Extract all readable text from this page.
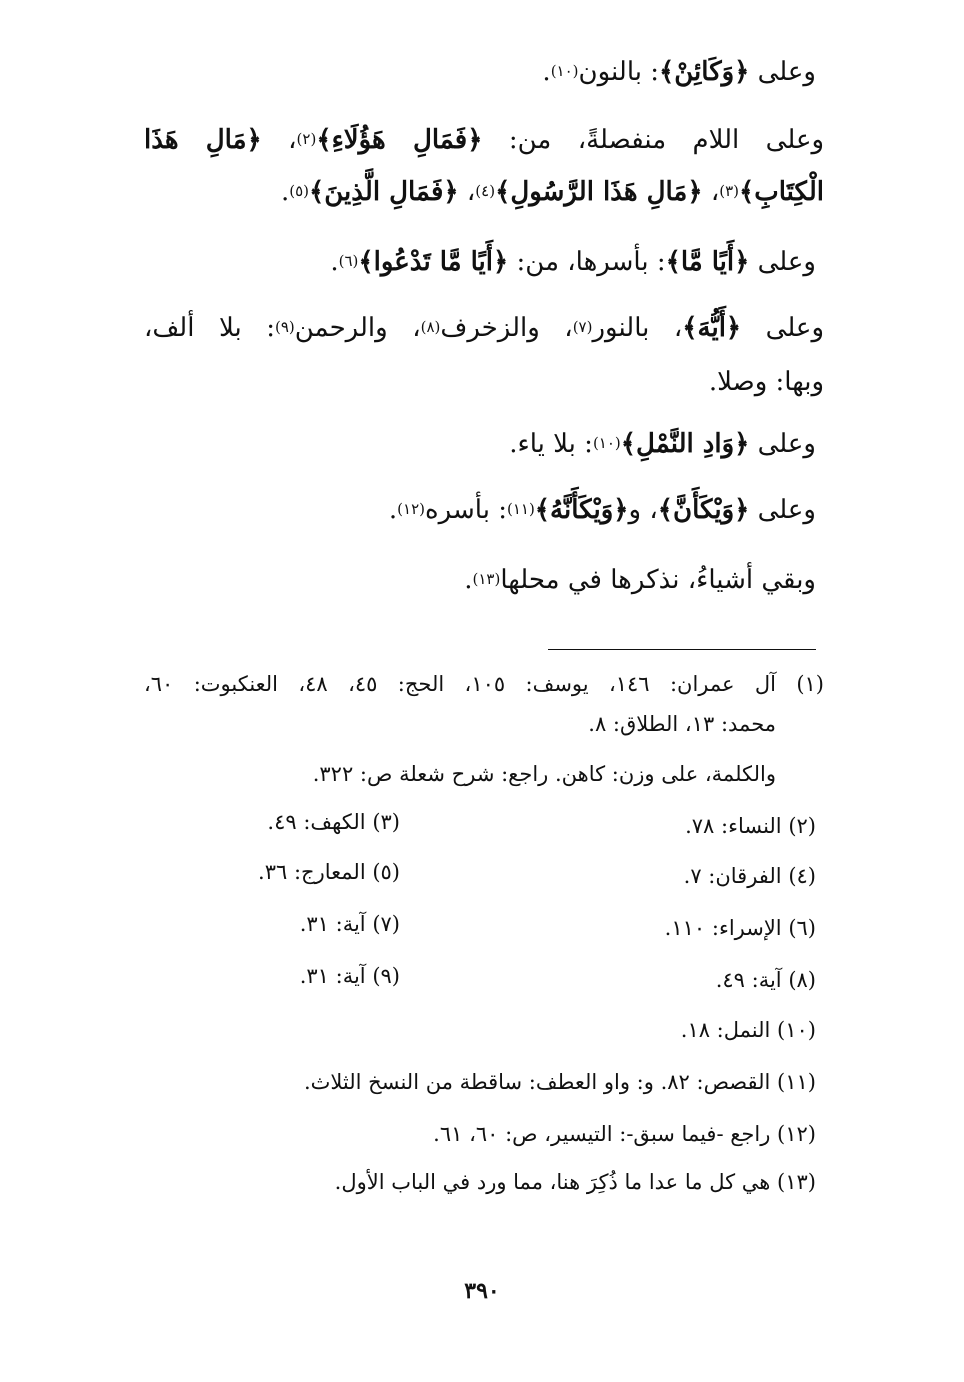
وعلى ﴿وَكَائِنْ﴾: بالنون$^{(١٠)}$.
وعلى اللام منفصلةً، من: ﴿فَمَالِ هَؤُلَاءِ﴾$^{(٢)}$، ﴿مَالِ هَذَا
الْكِتَابِ﴾$^{(٣)}$، ﴿مَالِ هَذَا الرَّسُولِ﴾$^{(٤)}$، ﴿فَمَالِ الَّذِينَ﴾$^{(٥)}$.
وعلى ﴿أَيًا مَّا﴾: بأسرها، من: ﴿أَيًا مَّا تَدْعُوا﴾$^{(٦)}$.
وعلى ﴿أَيُّهَ﴾، بالنور$^{(٧)}$، والزخرف$^{(٨)}$، والرحمن$^{(٩)}$: بلا ألف،
وبها: وصلا.
وعلى ﴿وَادِ النَّمْلِ﴾$^{(١٠)}$: بلا ياء.
وعلى ﴿وَيْكَأَنَّ﴾، و﴿وَيْكَأَنَّهُ﴾$^{(١١)}$: بأسره$^{(١٢)}$.
وبقي أشياءُ، نذكرها في محلها$^{(١٣)}$.
(١) آل عمران: ١٤٦، يوسف: ١٠٥، الحج: ٤٥، ٤٨، العنكبوت: ٦٠،
محمد: ١٣، الطلاق: ٨.
والكلمة، على وزن: كاهن. راجع: شرح شعلة ص: ٣٢٢.
(٢) النساء: ٧٨.
(٣) الكهف: ٤٩.
(٤) الفرقان: ٧.
(٥) المعارج: ٣٦.
(٦) الإسراء: ١١٠.
(٧) آية: ٣١.
(٨) آية: ٤٩.
(٩) آية: ٣١.
(١٠) النمل: ١٨.
(١١) القصص: ٨٢. و: واو العطف: ساقطة من النسخ الثلاث.
(١٢) راجع -فيما سبق-: التيسير، ص: ٦٠، ٦١.
(١٣) هي كل ما عدا ما ذُكِرَ هنا، مما ورد في الباب الأول.
٣٩٠
